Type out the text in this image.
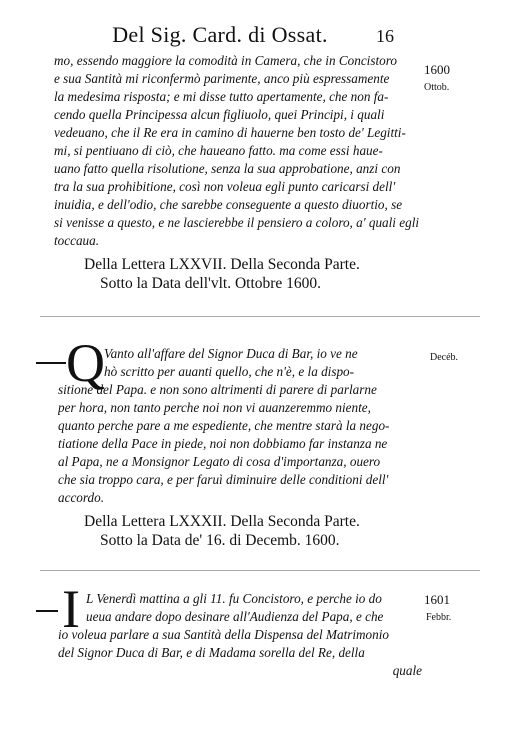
Del Sig. Card. di Ossat.	16
mo, essendo maggiore la comodità in Camera, che in Concistoro
e sua Santità mi riconfermò parimente, anco più espressamente
la medesima risposta; e mi disse tutto apertamente, che non fa-
cendo quella Principessa alcun figliuolo, quei Principi, i quali
vedeuano, che il Re era in camino di hauerne ben tosto de' Legitti-
mi, si pentiuano di ciò, che haueano fatto. ma come essi haue-
uano fatto quella risolutione, senza la sua approbatione, anzi con
tra la sua prohibitione, così non voleua egli punto caricarsi dell'
inuidia, e dell'odio, che sarebbe conseguente a questo diuortio, se
si venisse a questo, e ne lascierebbe il pensiero a coloro, a' quali egli
toccaua.
1600
Ottob.
Della Lettera LXXVII. Della Seconda Parte.
Sotto la Data dell'vlt. Ottobre 1600.
Q Vanto all'affare del Signor Duca di Bar, io ve ne
hò scritto per auanti quello, che n'è, e la dispo-
sitione del Papa. e non sono altrimenti di parere di parlarne
per hora, non tanto perche noi non vi auanzeremmo niente,
quanto perche pare a me espediente, che mentre starà la nego-
tiatione della Pace in piede, noi non dobbiamo far instanza ne
al Papa, ne a Monsignor Legato di cosa d'importanza, ouero
che sia troppo cara, e per faruì diminuire delle conditioni dell'
accordo.
Decéb.
Della Lettera LXXXII. Della Seconda Parte.
Sotto la Data de' 16. di Decemb. 1600.
I L Venerdì mattina a gli 11. fu Concistoro, e perche io do
ueua andare dopo desinare all'Audienza del Papa, e che
io voleua parlare a sua Santità della Dispensa del Matrimonio
del Signor Duca di Bar, e di Madama sorella del Re, della
quale
1601
Febbr.
